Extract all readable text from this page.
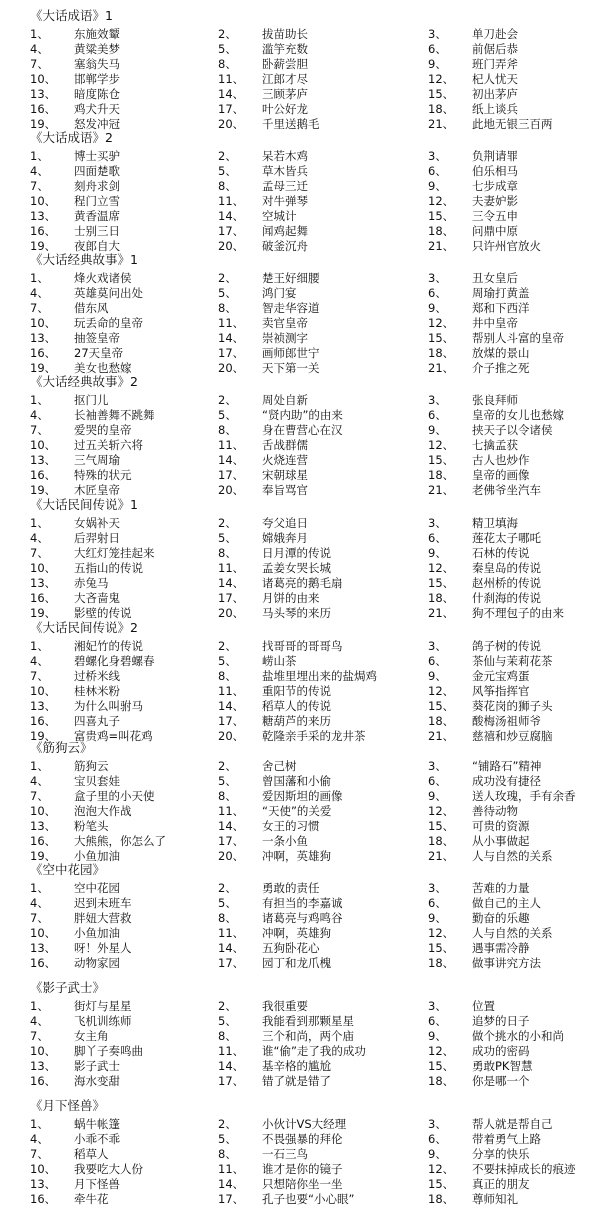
《大话成语》1
1、 东施效颦	2、 拔苗助长	3、 单刀赴会
4、 黄粱美梦	5、 滥竽充数	6、 前倨后恭
7、 塞翁失马	8、 卧薪尝胆	9、 班门弄斧
10、 邯郸学步	11、 江郎才尽	12、 杞人忧天
13、 暗度陈仓	14、 三顾茅庐	15、 初出茅庐
16、 鸡犬升天	17、 叶公好龙	18、 纸上谈兵
19、 怒发冲冠	20、 千里送鹅毛	21、 此地无银三百两
《大话成语》2
1、 博士买驴	2、 呆若木鸡	3、 负荆请罪
4、 四面楚歌	5、 草木皆兵	6、 伯乐相马
7、 刻舟求剑	8、 孟母三迁	9、 七步成章
10、 程门立雪	11、 对牛弹琴	12、 夫妻妒影
13、 黄香温席	14、 空城计	15、 三令五申
16、 士别三日	17、 闻鸡起舞	18、 问鼎中原
19、 夜郎自大	20、 破釜沉舟	21、 只许州官放火
《大话经典故事》1
1、 烽火戏诸侯	2、 楚王好细腰	3、 丑女皇后
4、 英雄莫问出处	5、 鸿门宴	6、 周瑜打黄盖
7、 借东风	8、 智走华容道	9、 郑和下西洋
10、 玩丢命的皇帝	11、 卖官皇帝	12、 井中皇帝
13、 抽签皇帝	14、 崇祯测字	15、 帮别人斗富的皇帝
16、 27天皇帝	17、 画师郎世宁	18、 放煤的景山
19、 美女也愁嫁	20、 天下第一关	21、 介子推之死
《大话经典故事》2
1、 抠门儿	2、 周处自新	3、 张良拜师
4、 长袖善舞不跳舞	5、 “贤内助”的由来	6、 皇帝的女儿也愁嫁
7、 爱哭的皇帝	8、 身在曹营心在汉	9、 挟天子以令诸侯
10、 过五关斩六将	11、 舌战群儒	12、 七擒孟获
13、 三气周瑜	14、 火烧连营	15、 古人也炒作
16、 特殊的状元	17、 宋朝球星	18、 皇帝的画像
19、 木匠皇帝	20、 奉旨骂官	21、 老佛爷坐汽车
《大话民间传说》1
1、 女娲补天	2、 夸父追日	3、 精卫填海
4、 后羿射日	5、 嫦娥奔月	6、 莲花太子哪吒
7、 大红灯笼挂起来	8、 日月潭的传说	9、 石林的传说
10、 五指山的传说	11、 孟姜女哭长城	12、 秦皇岛的传说
13、 赤兔马	14、 诸葛亮的鹅毛扇	15、 赵州桥的传说
16、 大吝啬鬼	17、 月饼的由来	18、 什刹海的传说
19、 影壁的传说	20、 马头琴的来历	21、 狗不理包子的由来
《大话民间传说》2
1、 湘妃竹的传说	2、 找哥哥的哥哥鸟	3、 鸽子树的传说
4、 碧螺化身碧螺春	5、 崂山茶	6、 茶仙与茉莉花茶
7、 过桥米线	8、 盐堆里埋出来的盐焗鸡	9、 金元宝鸡蛋
10、 桂林米粉	11、 重阳节的传说	12、 风筝指挥官
13、 为什么叫驸马	14、 稻草人的传说	15、 葵花岗的狮子头
16、 四喜丸子	17、 糖葫芦的来历	18、 酸梅汤祖师爷
19、 富贵鸡=叫花鸡	20、 乾隆亲手采的龙井茶	21、 慈禧和炒豆腐脑
《筋狗云》
1、 筋狗云	2、 舍己树	3、 “铺路石”精神
4、 宝贝套娃	5、 曾国藩和小偷	6、 成功没有捷径
7、 盒子里的小天使	8、 爱因斯坦的画像	9、 送人玫瑰，手有余香
10、 泡泡大作战	11、 “天使”的关爱	12、 善待动物
13、 粉笔头	14、 女王的习惯	15、 可贵的资源
16、 大熊熊，你怎么了	17、 一条小鱼	18、 从小事做起
19、 小鱼加油	20、 冲啊，英雄狗	21、 人与自然的关系
《空中花园》
1、 空中花园	2、 勇敢的责任	3、 苦难的力量
4、 迟到未班车	5、 有担当的李嘉诚	6、 做自己的主人
7、 胖妞大营救	8、 诸葛亮与鸡鸣谷	9、 勤奋的乐趣
10、 小鱼加油	11、 冲啊，英雄狗	12、 人与自然的关系
13、 呀！外星人	14、 五狗卧花心	15、 遇事需冷静
16、 动物家园	17、 园丁和龙爪槐	18、 做事讲究方法
《影子武士》
1、 街灯与星星	2、 我很重要	3、 位置
4、 飞机训练师	5、 我能看到那颗星星	6、 追梦的日子
7、 女主角	8、 三个和尚，两个庙	9、 做个挑水的小和尚
10、 脚丫子奏鸣曲	11、 谁“偷”走了我的成功	12、 成功的密码
13、 影子武士	14、 基辛格的尴尬	15、 勇敢PK智慧
16、 海水变甜	17、 错了就是错了	18、 你是哪一个
《月下怪兽》
1、 蜗牛帐篷	2、 小伙计VS大经理	3、 帮人就是帮自己
4、 小乖不乖	5、 不畏强暴的拜伦	6、 带着勇气上路
7、 稻草人	8、 一石三鸟	9、 分享的快乐
10、 我要吃大人份	11、 谁才是你的镜子	12、 不要抹掉成长的痕迹
13、 月下怪兽	14、 只想陪你坐一坐	15、 真正的朋友
16、 牵牛花	17、 孔子也要“小心眼”	18、 尊师知礼
